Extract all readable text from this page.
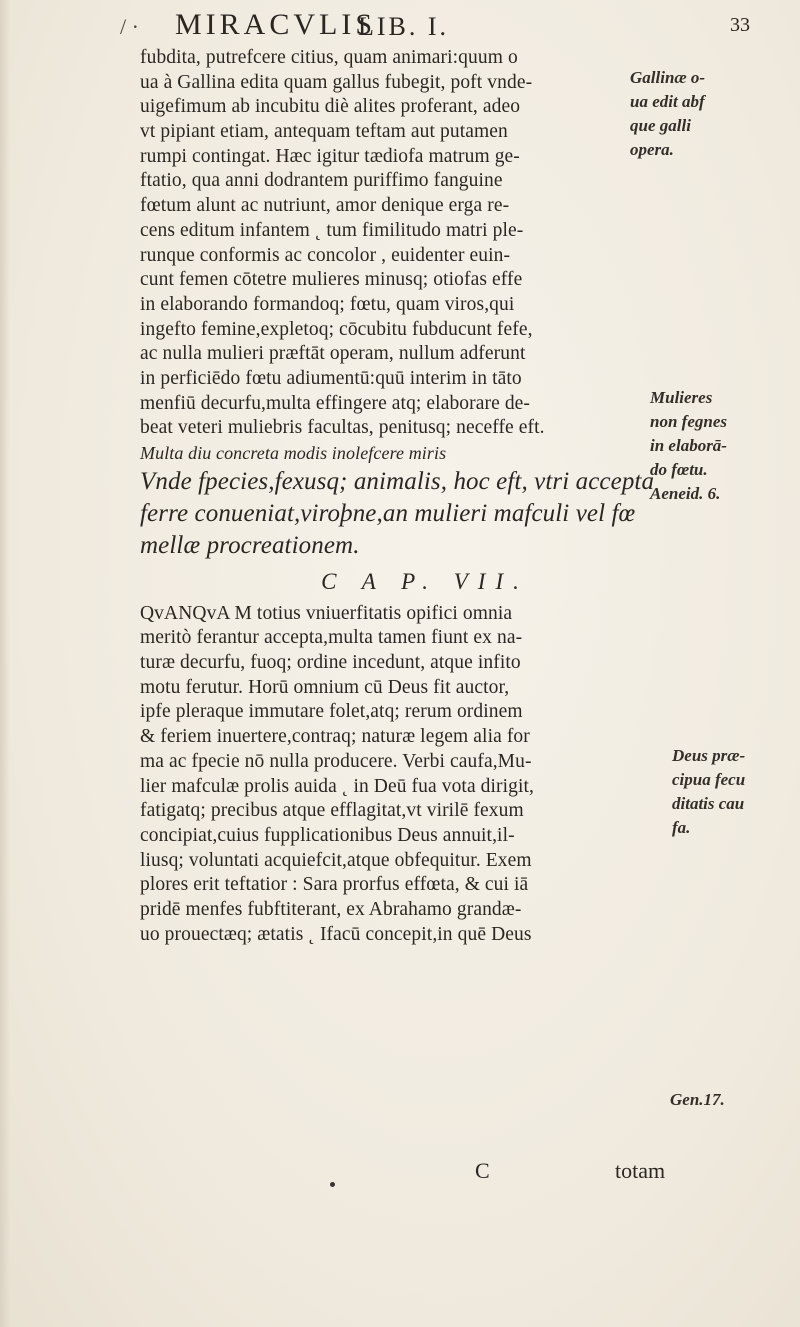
/ · MIRACVLIS
LIB. I.	33
fubdita, putrefcere citius, quam animari:quum o
ua à Gallina edita quam gallus fubegit, poft vnde-
uigefimum ab incubitu diè alites proferant, adeo
vt pipiant etiam, antequam teftam aut putamen
rumpi contingat. Hæc igitur tædiofa matrum ge-
ftatio, qua anni dodrantem puriffimo fanguine
fœtum alunt ac nutriunt, amor denique erga re-
cens editum infantem ˛ tum fimilitudo matri ple-
runque conformis ac concolor , euidenter euin-
cunt femen cōtetre mulieres minusq; otiofas effe
in elaborando formandoq; fœtu, quam viros,qui
ingefto femine,expletoq; cōcubitu fubducunt fefe,
ac nulla mulieri præftāt operam, nullum adferunt
in perficiēdo fœtu adiumentū:quū interim in tāto
menfiū decurfu,multa effingere atq; elaborare de-
beat veteri muliebris facultas, penitusq; neceffe eft.
Multa diu concreta modis inolefcere miris
Vnde fpecies,fexusq; animalis, hoc eft, vtri accepta
ferre conueniat,viroþne,an mulieri mafculi vel fœ
mellæ procreationem.
C A P. VII.
QᴠANQᴠA M totius vniuerfitatis opifici omnia
meritò ferantur accepta,multa tamen fiunt ex na-
turæ decurfu, fuoq; ordine incedunt, atque infito
motu ferutur. Horū omnium cū Deus fit auctor,
ipfe pleraque immutare folet,atq; rerum ordinem
& feriem inuertere,contraq; naturæ legem alia for
ma ac fpecie nō nulla producere. Verbi caufa,Mu-
lier mafculæ prolis auida ˛ in Deū fua vota dirigit,
fatigatq; precibus atque efflagitat,vt virilē fexum
concipiat,cuius fupplicationibus Deus annuit,il-
liusq; voluntati acquiefcit,atque obfequitur. Exem
plores erit teftatior : Sara prorfus effœta, & cui iā
pridē menfes fubftiterant, ex Abrahamo grandæ-
uo prouectæq; ætatis ˛ Ifacū concepit,in quē Deus
Gallinæ o-
ua edit abf
que galli
opera.
Mulieres
non fegnes
in elaborā-
do fœtu.
Aeneid. 6.
Deus præ-
cipua fecu
ditatis cau
fa.
Gen.17.
C	totam
